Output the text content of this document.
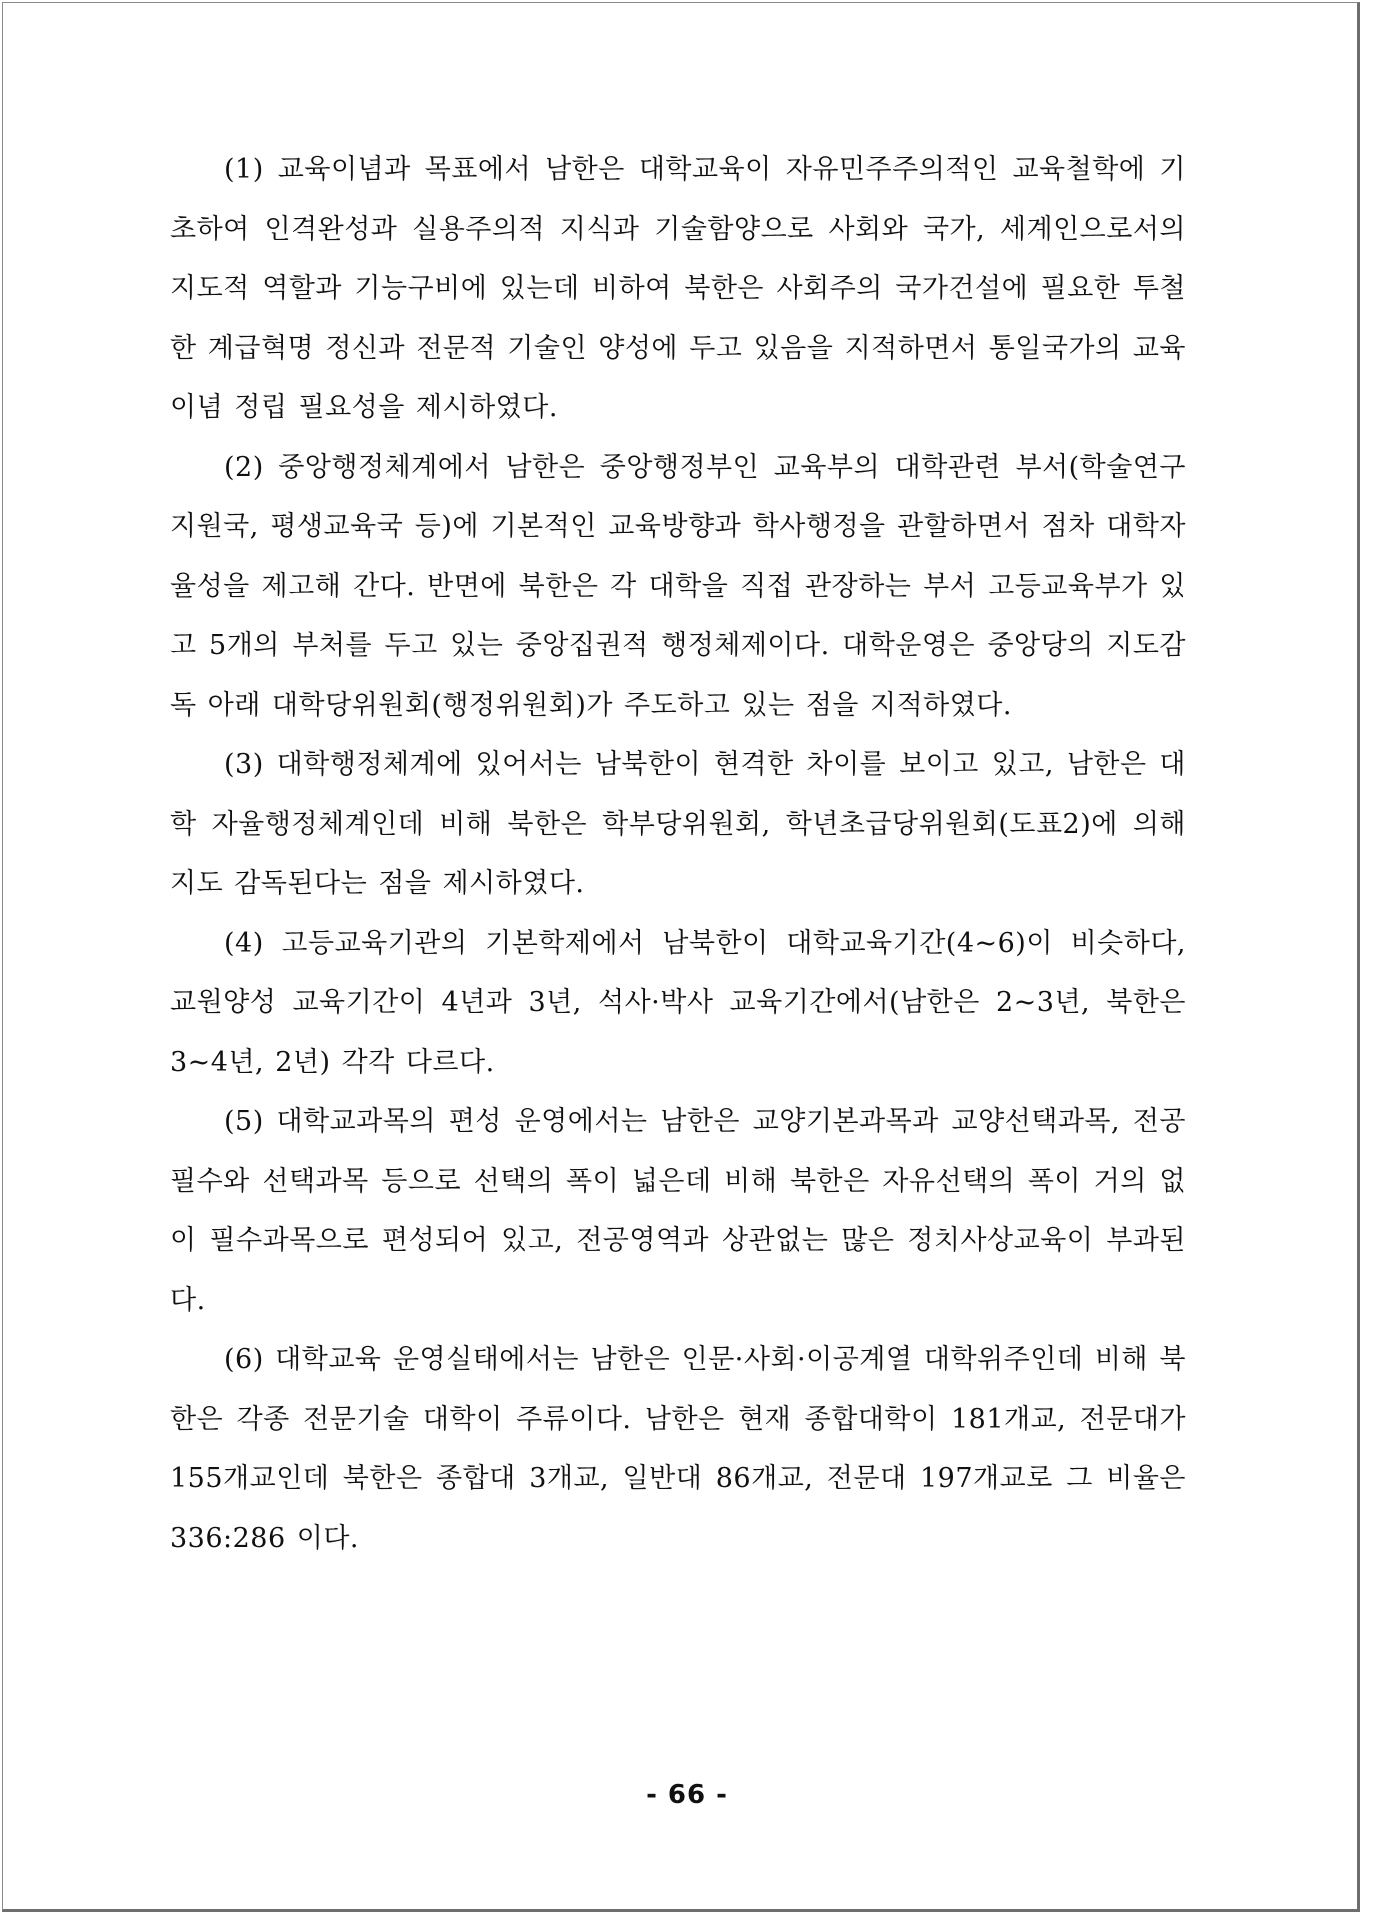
(1) 교육이념과 목표에서 남한은 대학교육이 자유민주주의적인 교육철학에 기초하여 인격완성과 실용주의적 지식과 기술함양으로 사회와 국가, 세계인으로서의 지도적 역할과 기능구비에 있는데 비하여 북한은 사회주의 국가건설에 필요한 투철한 계급혁명 정신과 전문적 기술인 양성에 두고 있음을 지적하면서 통일국가의 교육이념 정립 필요성을 제시하였다.

(2) 중앙행정체계에서 남한은 중앙행정부인 교육부의 대학관련 부서(학술연구지원국, 평생교육국 등)에 기본적인 교육방향과 학사행정을 관할하면서 점차 대학자율성을 제고해 간다. 반면에 북한은 각 대학을 직접 관장하는 부서 고등교육부가 있고 5개의 부처를 두고 있는 중앙집권적 행정체제이다. 대학운영은 중앙당의 지도감독 아래 대학당위원회(행정위원회)가 주도하고 있는 점을 지적하였다.

(3) 대학행정체계에 있어서는 남북한이 현격한 차이를 보이고 있고, 남한은 대학 자율행정체계인데 비해 북한은 학부당위원회, 학년초급당위원회(도표2)에 의해 지도 감독된다는 점을 제시하였다.

(4) 고등교육기관의 기본학제에서 남북한이 대학교육기간(4~6)이 비슷하다, 교원양성 교육기간이 4년과 3년, 석사·박사 교육기간에서(남한은 2~3년, 북한은 3~4년, 2년) 각각 다르다.

(5) 대학교과목의 편성 운영에서는 남한은 교양기본과목과 교양선택과목, 전공필수와 선택과목 등으로 선택의 폭이 넓은데 비해 북한은 자유선택의 폭이 거의 없이 필수과목으로 편성되어 있고, 전공영역과 상관없는 많은 정치사상교육이 부과된다.

(6) 대학교육 운영실태에서는 남한은 인문·사회·이공계열 대학위주인데 비해 북한은 각종 전문기술 대학이 주류이다. 남한은 현재 종합대학이 181개교, 전문대가 155개교인데 북한은 종합대 3개교, 일반대 86개교, 전문대 197개교로 그 비율은 336:286 이다.

- 66 -
